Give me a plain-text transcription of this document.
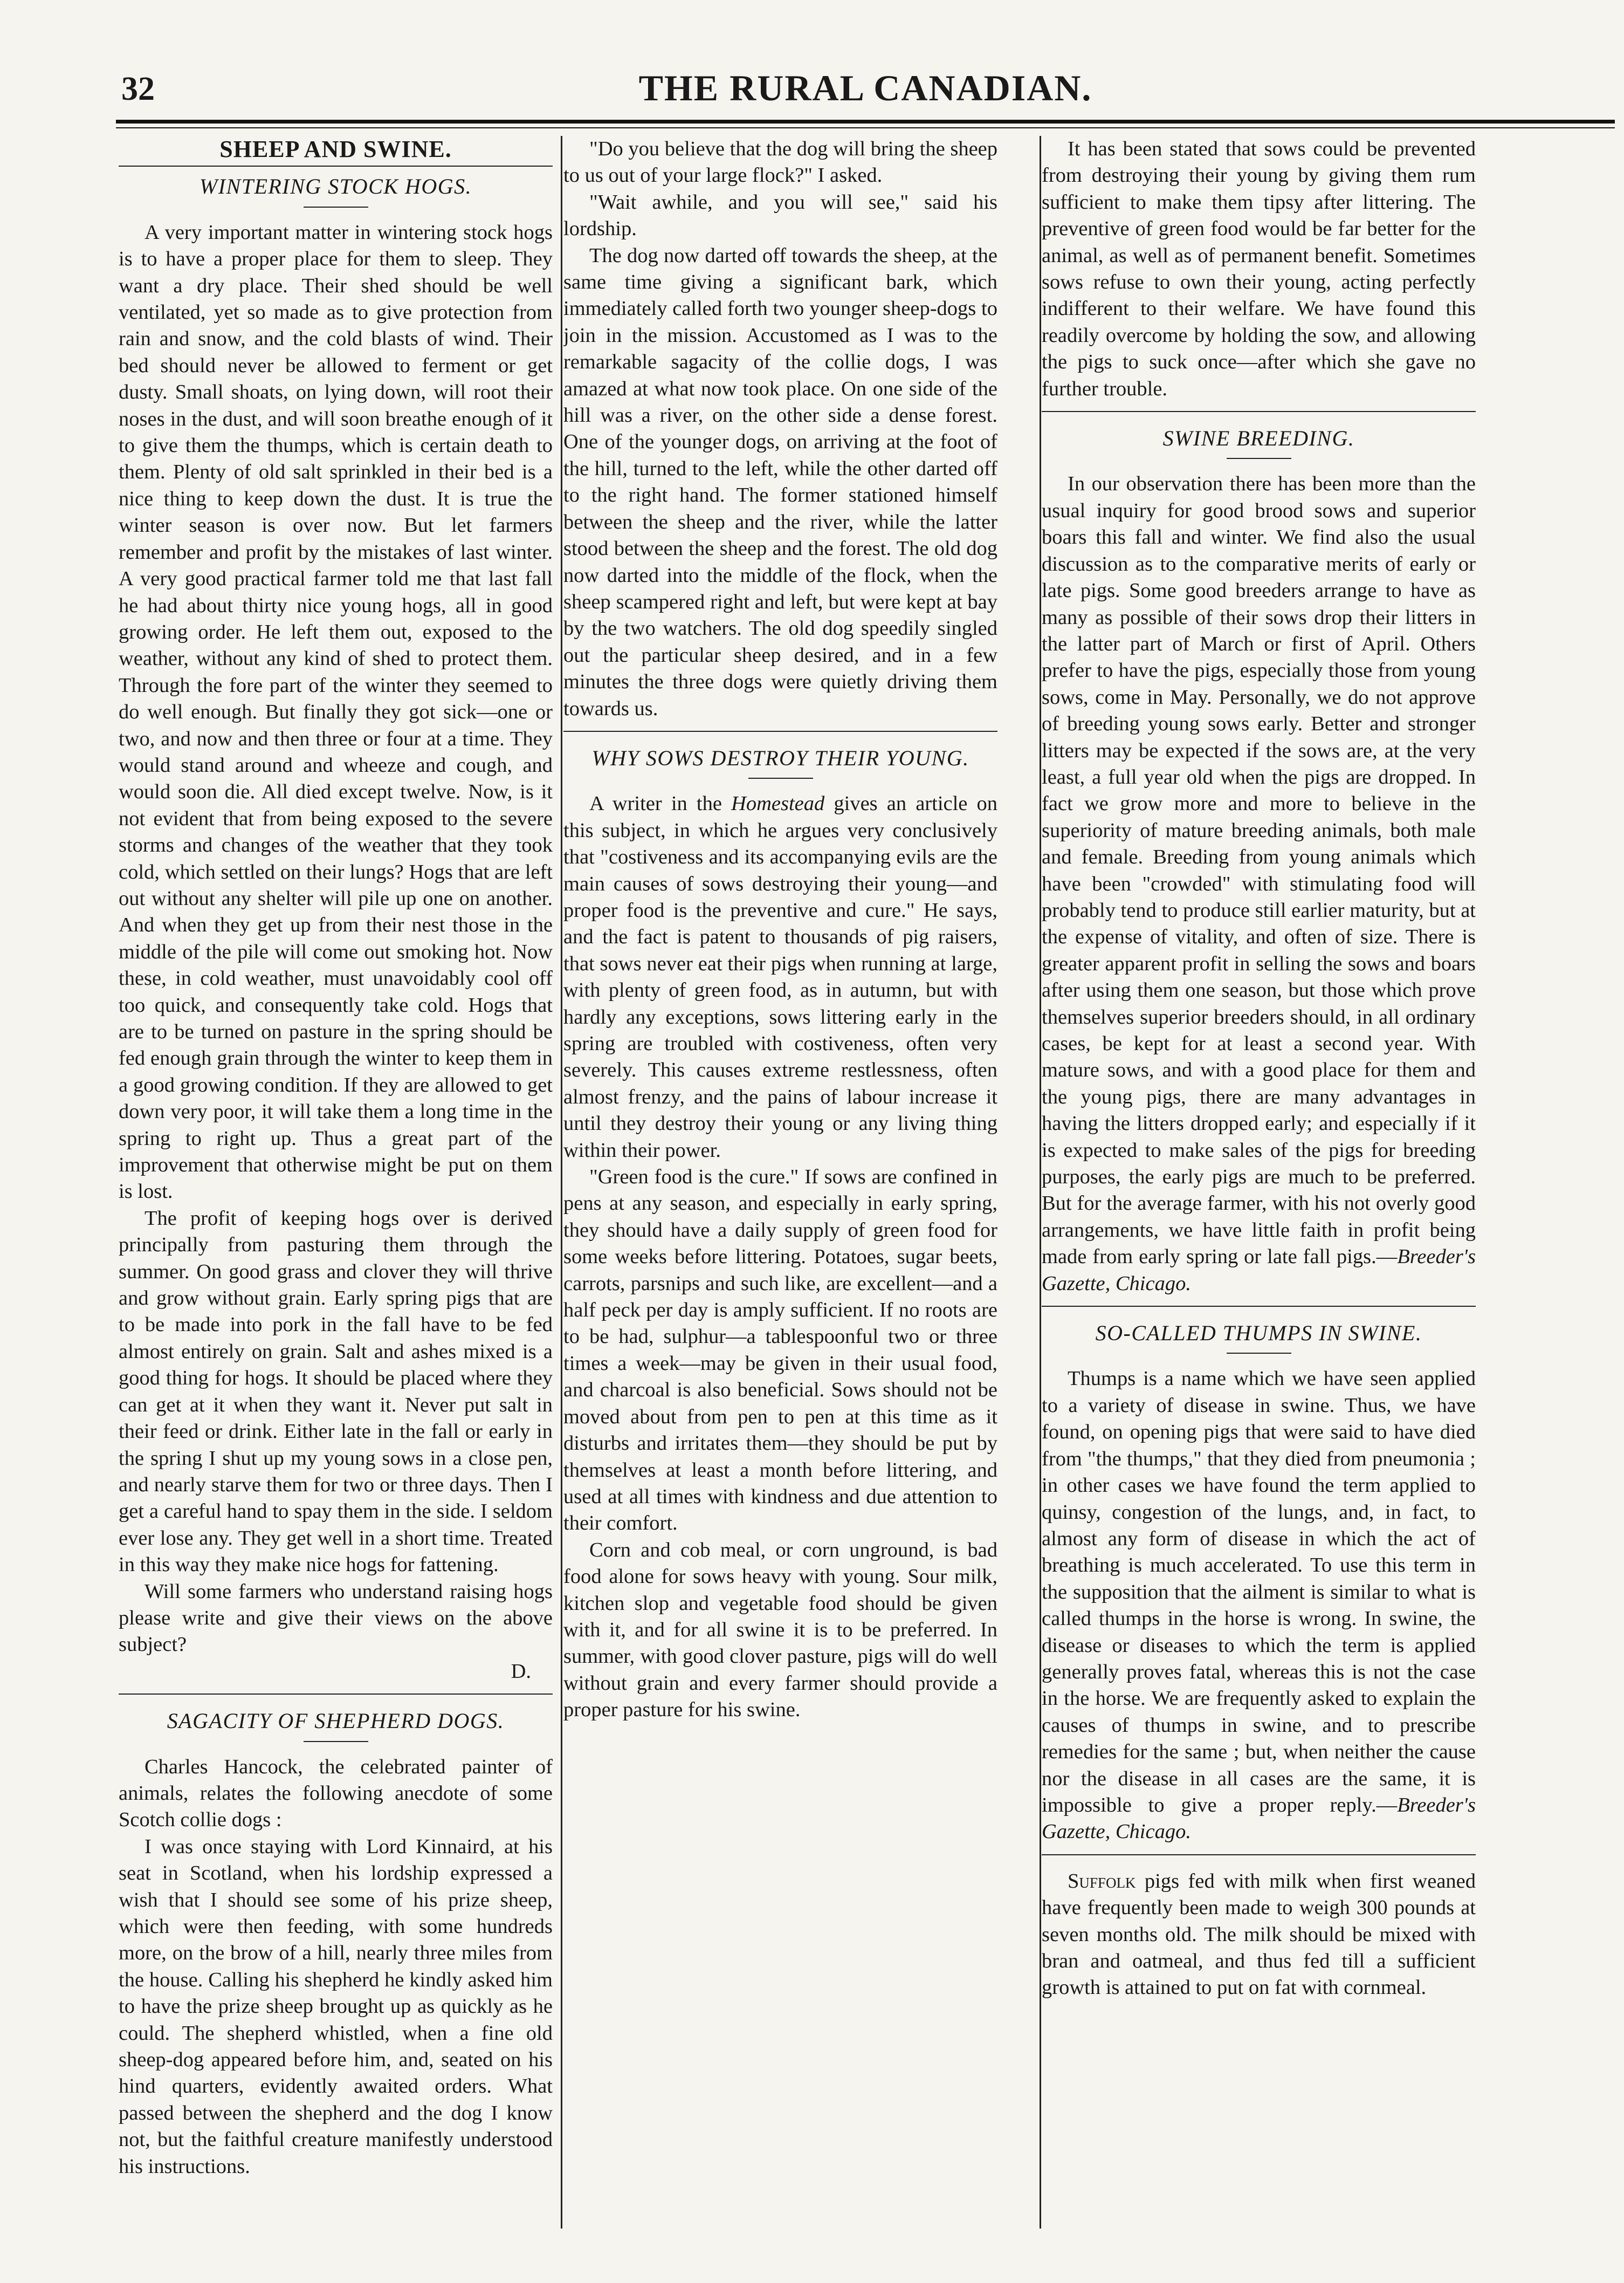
32	THE RURAL CANADIAN.
SHEEP AND SWINE.
WINTERING STOCK HOGS.

A very important matter in wintering stock hogs is to have a proper place for them to sleep. They want a dry place. Their shed should be well ventilated, yet so made as to give protection from rain and snow, and the cold blasts of wind. Their bed should never be allowed to ferment or get dusty. Small shoats, on lying down, will root their noses in the dust, and will soon breathe enough of it to give them the thumps, which is certain death to them. Plenty of old salt sprinkled in their bed is a nice thing to keep down the dust. It is true the winter season is over now. But let farmers remember and profit by the mistakes of last winter. A very good practical farmer told me that last fall he had about thirty nice young hogs, all in good growing order. He left them out, exposed to the weather, without any kind of shed to protect them. Through the fore part of the winter they seemed to do well enough. But finally they got sick—one or two, and now and then three or four at a time. They would stand around and wheeze and cough, and would soon die. All died except twelve. Now, is it not evident that from being exposed to the severe storms and changes of the weather that they took cold, which settled on their lungs? Hogs that are left out without any shelter will pile up one on another. And when they get up from their nest those in the middle of the pile will come out smoking hot. Now these, in cold weather, must unavoidably cool off too quick, and consequently take cold. Hogs that are to be turned on pasture in the spring should be fed enough grain through the winter to keep them in a good growing condition. If they are allowed to get down very poor, it will take them a long time in the spring to right up. Thus a great part of the improvement that otherwise might be put on them is lost.

The profit of keeping hogs over is derived principally from pasturing them through the summer. On good grass and clover they will thrive and grow without grain. Early spring pigs that are to be made into pork in the fall have to be fed almost entirely on grain. Salt and ashes mixed is a good thing for hogs. It should be placed where they can get at it when they want it. Never put salt in their feed or drink. Either late in the fall or early in the spring I shut up my young sows in a close pen, and nearly starve them for two or three days. Then I get a careful hand to spay them in the side. I seldom ever lose any. They get well in a short time. Treated in this way they make nice hogs for fattening.

Will some farmers who understand raising hogs please write and give their views on the above subject?

D.

SAGACITY OF SHEPHERD DOGS.

Charles Hancock, the celebrated painter of animals, relates the following anecdote of some Scotch collie dogs :

I was once staying with Lord Kinnaird, at his seat in Scotland, when his lordship expressed a wish that I should see some of his prize sheep, which were then feeding, with some hundreds more, on the brow of a hill, nearly three miles from the house. Calling his shepherd he kindly asked him to have the prize sheep brought up as quickly as he could. The shepherd whistled, when a fine old sheep-dog appeared before him, and, seated on his hind quarters, evidently awaited orders. What passed between the shepherd and the dog I know not, but the faithful creature manifestly understood his instructions.

"Do you believe that the dog will bring the sheep to us out of your large flock?" I asked.

"Wait awhile, and you will see," said his lordship.

The dog now darted off towards the sheep, at the same time giving a significant bark, which immediately called forth two younger sheep-dogs to join in the mission. Accustomed as I was to the remarkable sagacity of the collie dogs, I was amazed at what now took place. On one side of the hill was a river, on the other side a dense forest. One of the younger dogs, on arriving at the foot of the hill, turned to the left, while the other darted off to the right hand. The former stationed himself between the sheep and the river, while the latter stood between the sheep and the forest. The old dog now darted into the middle of the flock, when the sheep scampered right and left, but were kept at bay by the two watchers. The old dog speedily singled out the particular sheep desired, and in a few minutes the three dogs were quietly driving them towards us.

WHY SOWS DESTROY THEIR YOUNG.

A writer in the Homestead gives an article on this subject, in which he argues very conclusively that "costiveness and its accompanying evils are the main causes of sows destroying their young—and proper food is the preventive and cure." He says, and the fact is patent to thousands of pig raisers, that sows never eat their pigs when running at large, with plenty of green food, as in autumn, but with hardly any exceptions, sows littering early in the spring are troubled with costiveness, often very severely. This causes extreme restlessness, often almost frenzy, and the pains of labour increase it until they destroy their young or any living thing within their power.

"Green food is the cure." If sows are confined in pens at any season, and especially in early spring, they should have a daily supply of green food for some weeks before littering. Potatoes, sugar beets, carrots, parsnips and such like, are excellent—and a half peck per day is amply sufficient. If no roots are to be had, sulphur—a tablespoonful two or three times a week—may be given in their usual food, and charcoal is also beneficial. Sows should not be moved about from pen to pen at this time as it disturbs and irritates them—they should be put by themselves at least a month before littering, and used at all times with kindness and due attention to their comfort.

Corn and cob meal, or corn unground, is bad food alone for sows heavy with young. Sour milk, kitchen slop and vegetable food should be given with it, and for all swine it is to be preferred. In summer, with good clover pasture, pigs will do well without grain and every farmer should provide a proper pasture for his swine.

It has been stated that sows could be prevented from destroying their young by giving them rum sufficient to make them tipsy after littering. The preventive of green food would be far better for the animal, as well as of permanent benefit. Sometimes sows refuse to own their young, acting perfectly indifferent to their welfare. We have found this readily overcome by holding the sow, and allowing the pigs to suck once—after which she gave no further trouble.

SWINE BREEDING.

In our observation there has been more than the usual inquiry for good brood sows and superior boars this fall and winter. We find also the usual discussion as to the comparative merits of early or late pigs. Some good breeders arrange to have as many as possible of their sows drop their litters in the latter part of March or first of April. Others prefer to have the pigs, especially those from young sows, come in May. Personally, we do not approve of breeding young sows early. Better and stronger litters may be expected if the sows are, at the very least, a full year old when the pigs are dropped. In fact we grow more and more to believe in the superiority of mature breeding animals, both male and female. Breeding from young animals which have been "crowded" with stimulating food will probably tend to produce still earlier maturity, but at the expense of vitality, and often of size. There is greater apparent profit in selling the sows and boars after using them one season, but those which prove themselves superior breeders should, in all ordinary cases, be kept for at least a second year. With mature sows, and with a good place for them and the young pigs, there are many advantages in having the litters dropped early; and especially if it is expected to make sales of the pigs for breeding purposes, the early pigs are much to be preferred. But for the average farmer, with his not overly good arrangements, we have little faith in profit being made from early spring or late fall pigs.—Breeder's Gazette, Chicago.

SO-CALLED THUMPS IN SWINE.

Thumps is a name which we have seen applied to a variety of disease in swine. Thus, we have found, on opening pigs that were said to have died from "the thumps," that they died from pneumonia ; in other cases we have found the term applied to quinsy, congestion of the lungs, and, in fact, to almost any form of disease in which the act of breathing is much accelerated. To use this term in the supposition that the ailment is similar to what is called thumps in the horse is wrong. In swine, the disease or diseases to which the term is applied generally proves fatal, whereas this is not the case in the horse. We are frequently asked to explain the causes of thumps in swine, and to prescribe remedies for the same ; but, when neither the cause nor the disease in all cases are the same, it is impossible to give a proper reply.—Breeder's Gazette, Chicago.

Suffolk pigs fed with milk when first weaned have frequently been made to weigh 300 pounds at seven months old. The milk should be mixed with bran and oatmeal, and thus fed till a sufficient growth is attained to put on fat with cornmeal.
